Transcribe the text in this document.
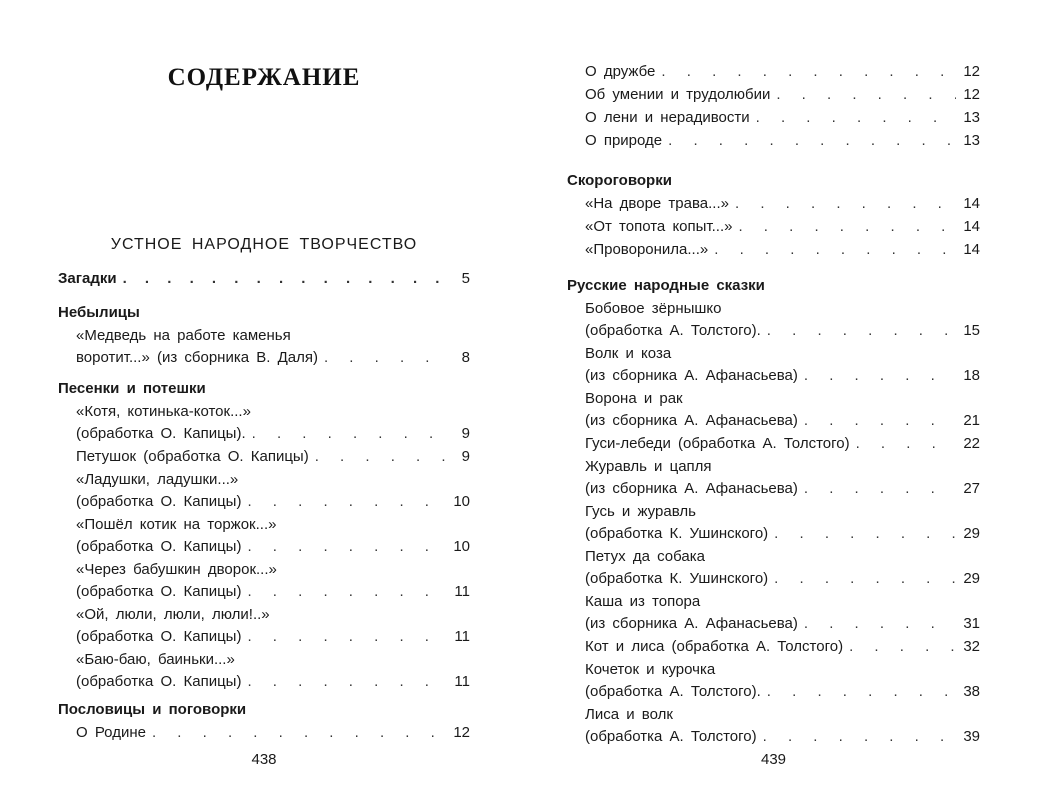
СОДЕРЖАНИЕ
УСТНОЕ НАРОДНОЕ ТВОРЧЕСТВО
Загадки . . .	5
Небылицы
«Медведь на работе каменья
воротит...» (из сборника В. Даля) . . .	8
Песенки и потешки
«Котя, котинька-коток...»
(обработка О. Капицы). . . .	9
Петушок (обработка О. Капицы) . . .	9
«Ладушки, ладушки...»
(обработка О. Капицы) . . .	10
«Пошёл котик на торжок...»
(обработка О. Капицы) . . .	10
«Через бабушкин дворок...»
(обработка О. Капицы) . . .	11
«Ой, люли, люли, люли!..»
(обработка О. Капицы) . . .	11
«Баю-баю, баиньки...»
(обработка О. Капицы) . . .	11
Пословицы и поговорки
О Родине . . .	12
438
О дружбе . . .	12
Об умении и трудолюбии . . .	12
О лени и нерадивости . . .	13
О природе . . .	13
Скороговорки
«На дворе трава...» . . .	14
«От топота копыт...» . . .	14
«Проворонила...» . . .	14
Русские народные сказки
Бобовое зёрнышко
(обработка А. Толстого). . . .	15
Волк и коза
(из сборника А. Афанасьева) . . .	18
Ворона и рак
(из сборника А. Афанасьева) . . .	21
Гуси-лебеди (обработка А. Толстого) . . .	22
Журавль и цапля
(из сборника А. Афанасьева) . . .	27
Гусь и журавль
(обработка К. Ушинского) . . .	29
Петух да собака
(обработка К. Ушинского) . . .	29
Каша из топора
(из сборника А. Афанасьева) . . .	31
Кот и лиса (обработка А. Толстого) . . .	32
Кочеток и курочка
(обработка А. Толстого). . . .	38
Лиса и волк
(обработка А. Толстого) . . .	39
439
